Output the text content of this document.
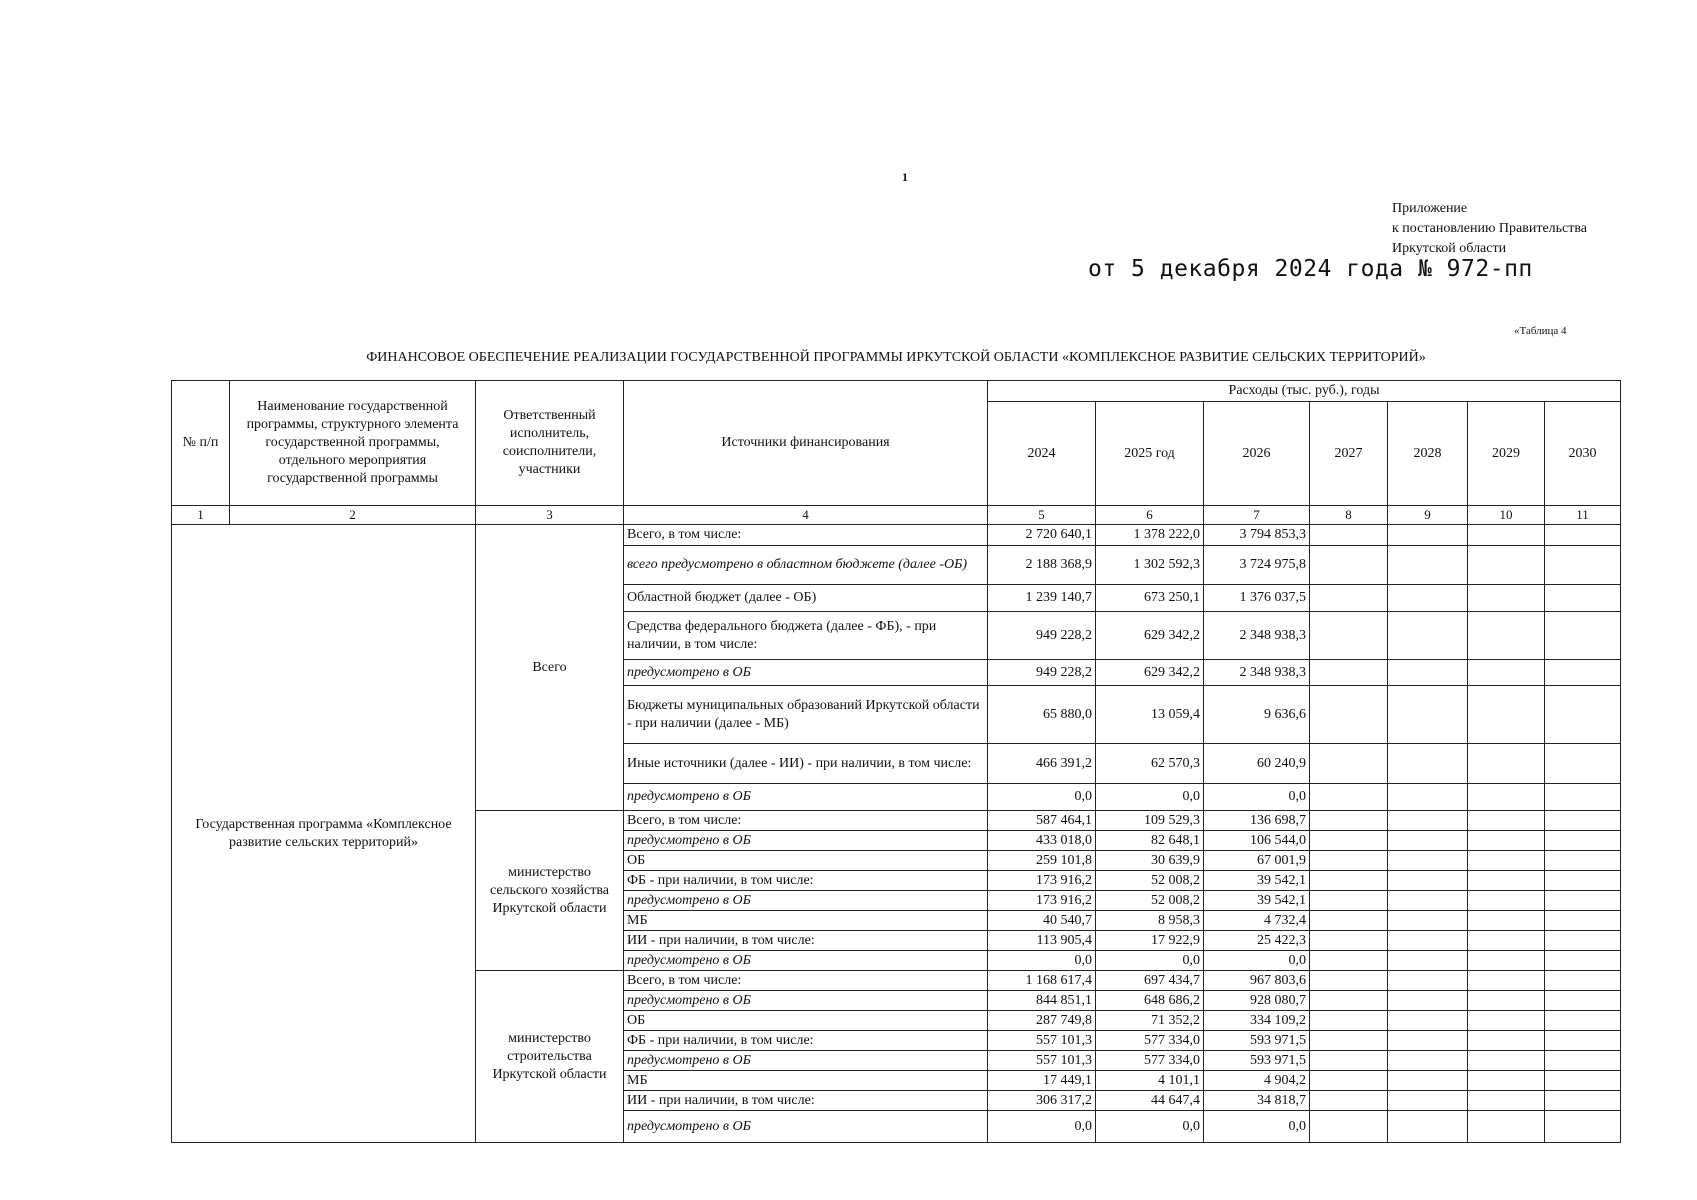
1
Приложение
к постановлению Правительства
Иркутской области
от 5 декабря 2024 года № 972-пп
«Таблица 4
ФИНАНСОВОЕ ОБЕСПЕЧЕНИЕ РЕАЛИЗАЦИИ ГОСУДАРСТВЕННОЙ ПРОГРАММЫ ИРКУТСКОЙ ОБЛАСТИ «КОМПЛЕКСНОЕ РАЗВИТИЕ СЕЛЬСКИХ ТЕРРИТОРИЙ»
№ п/п	Наименование государственной программы, структурного элемента государственной программы, отдельного мероприятия государственной программы	Ответственный исполнитель, соисполнители, участники	Источники финансирования	Расходы (тыс. руб.), годы						
				2024	2025 год	2026	2027	2028	2029	2030
1	2	3	4	5	6	7	8	9	10	11
Государственная программа «Комплексное развитие сельских территорий»		Всего	Всего, в том числе:	2 720 640,1	1 378 222,0	3 794 853,3				
			всего предусмотрено в областном бюджете (далее -ОБ)	2 188 368,9	1 302 592,3	3 724 975,8				
			Областной бюджет (далее - ОБ)	1 239 140,7	673 250,1	1 376 037,5				
			Средства федерального бюджета (далее - ФБ), - при наличии, в том числе:	949 228,2	629 342,2	2 348 938,3				
			предусмотрено в ОБ	949 228,2	629 342,2	2 348 938,3				
			Бюджеты муниципальных образований Иркутской области - при наличии (далее - МБ)	65 880,0	13 059,4	9 636,6				
			Иные источники (далее - ИИ) - при наличии, в том числе:	466 391,2	62 570,3	60 240,9				
			предусмотрено в ОБ	0,0	0,0	0,0				
		министерство сельского хозяйства Иркутской области	Всего, в том числе:	587 464,1	109 529,3	136 698,7				
			предусмотрено в ОБ	433 018,0	82 648,1	106 544,0				
			ОБ	259 101,8	30 639,9	67 001,9				
			ФБ - при наличии, в том числе:	173 916,2	52 008,2	39 542,1				
			предусмотрено в ОБ	173 916,2	52 008,2	39 542,1				
			МБ	40 540,7	8 958,3	4 732,4				
			ИИ - при наличии, в том числе:	113 905,4	17 922,9	25 422,3				
			предусмотрено в ОБ	0,0	0,0	0,0				
		министерство строительства Иркутской области	Всего, в том числе:	1 168 617,4	697 434,7	967 803,6				
			предусмотрено в ОБ	844 851,1	648 686,2	928 080,7				
			ОБ	287 749,8	71 352,2	334 109,2				
			ФБ - при наличии, в том числе:	557 101,3	577 334,0	593 971,5				
			предусмотрено в ОБ	557 101,3	577 334,0	593 971,5				
			МБ	17 449,1	4 101,1	4 904,2				
			ИИ - при наличии, в том числе:	306 317,2	44 647,4	34 818,7				
			предусмотрено в ОБ	0,0	0,0	0,0				
